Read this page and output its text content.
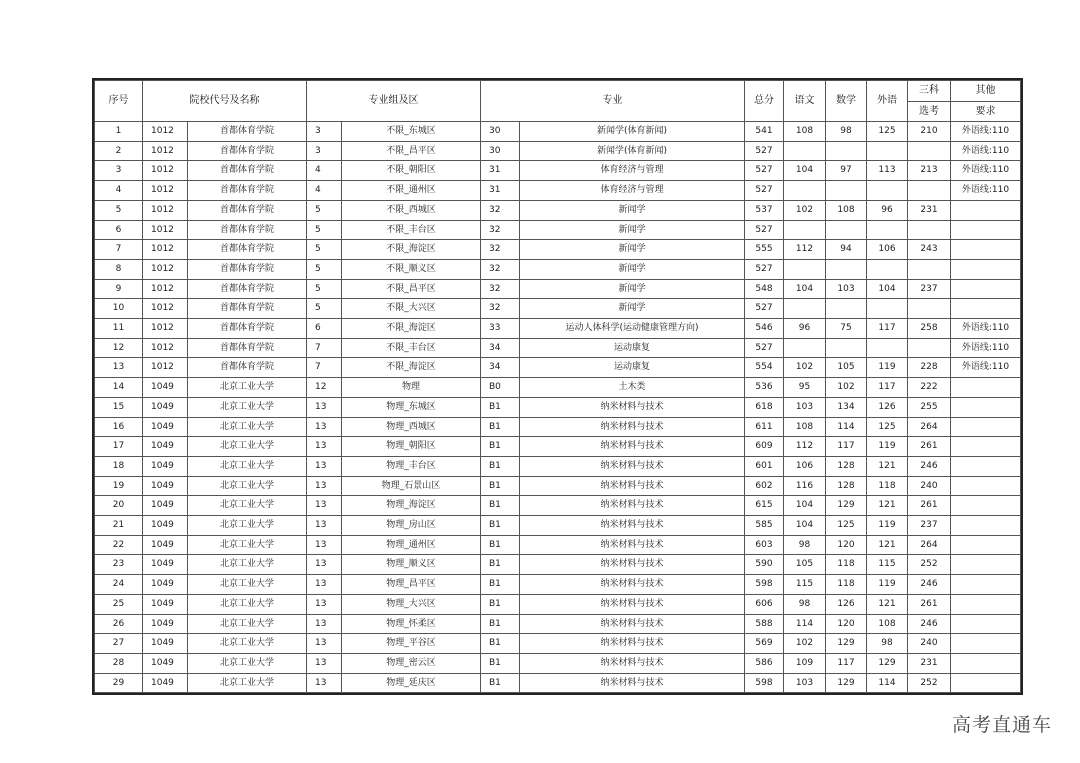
序号	院校代号及名称		专业组及区		专业		总分	语文	数学	外语	三科	其他
											选考	要求
1	1012	首都体育学院	3	不限_东城区	30	新闻学(体育新闻)	541	108	98	125	210	外语线:110
2	1012	首都体育学院	3	不限_昌平区	30	新闻学(体育新闻)	527					外语线:110
3	1012	首都体育学院	4	不限_朝阳区	31	体育经济与管理	527	104	97	113	213	外语线:110
4	1012	首都体育学院	4	不限_通州区	31	体育经济与管理	527					外语线:110
5	1012	首都体育学院	5	不限_西城区	32	新闻学	537	102	108	96	231	
6	1012	首都体育学院	5	不限_丰台区	32	新闻学	527					
7	1012	首都体育学院	5	不限_海淀区	32	新闻学	555	112	94	106	243	
8	1012	首都体育学院	5	不限_顺义区	32	新闻学	527					
9	1012	首都体育学院	5	不限_昌平区	32	新闻学	548	104	103	104	237	
10	1012	首都体育学院	5	不限_大兴区	32	新闻学	527					
11	1012	首都体育学院	6	不限_海淀区	33	运动人体科学(运动健康管理方向)	546	96	75	117	258	外语线:110
12	1012	首都体育学院	7	不限_丰台区	34	运动康复	527					外语线:110
13	1012	首都体育学院	7	不限_海淀区	34	运动康复	554	102	105	119	228	外语线:110
14	1049	北京工业大学	12	物理	B0	土木类	536	95	102	117	222	
15	1049	北京工业大学	13	物理_东城区	B1	纳米材料与技术	618	103	134	126	255	
16	1049	北京工业大学	13	物理_西城区	B1	纳米材料与技术	611	108	114	125	264	
17	1049	北京工业大学	13	物理_朝阳区	B1	纳米材料与技术	609	112	117	119	261	
18	1049	北京工业大学	13	物理_丰台区	B1	纳米材料与技术	601	106	128	121	246	
19	1049	北京工业大学	13	物理_石景山区	B1	纳米材料与技术	602	116	128	118	240	
20	1049	北京工业大学	13	物理_海淀区	B1	纳米材料与技术	615	104	129	121	261	
21	1049	北京工业大学	13	物理_房山区	B1	纳米材料与技术	585	104	125	119	237	
22	1049	北京工业大学	13	物理_通州区	B1	纳米材料与技术	603	98	120	121	264	
23	1049	北京工业大学	13	物理_顺义区	B1	纳米材料与技术	590	105	118	115	252	
24	1049	北京工业大学	13	物理_昌平区	B1	纳米材料与技术	598	115	118	119	246	
25	1049	北京工业大学	13	物理_大兴区	B1	纳米材料与技术	606	98	126	121	261	
26	1049	北京工业大学	13	物理_怀柔区	B1	纳米材料与技术	588	114	120	108	246	
27	1049	北京工业大学	13	物理_平谷区	B1	纳米材料与技术	569	102	129	98	240	
28	1049	北京工业大学	13	物理_密云区	B1	纳米材料与技术	586	109	117	129	231	
29	1049	北京工业大学	13	物理_延庆区	B1	纳米材料与技术	598	103	129	114	252	
高考直通车
